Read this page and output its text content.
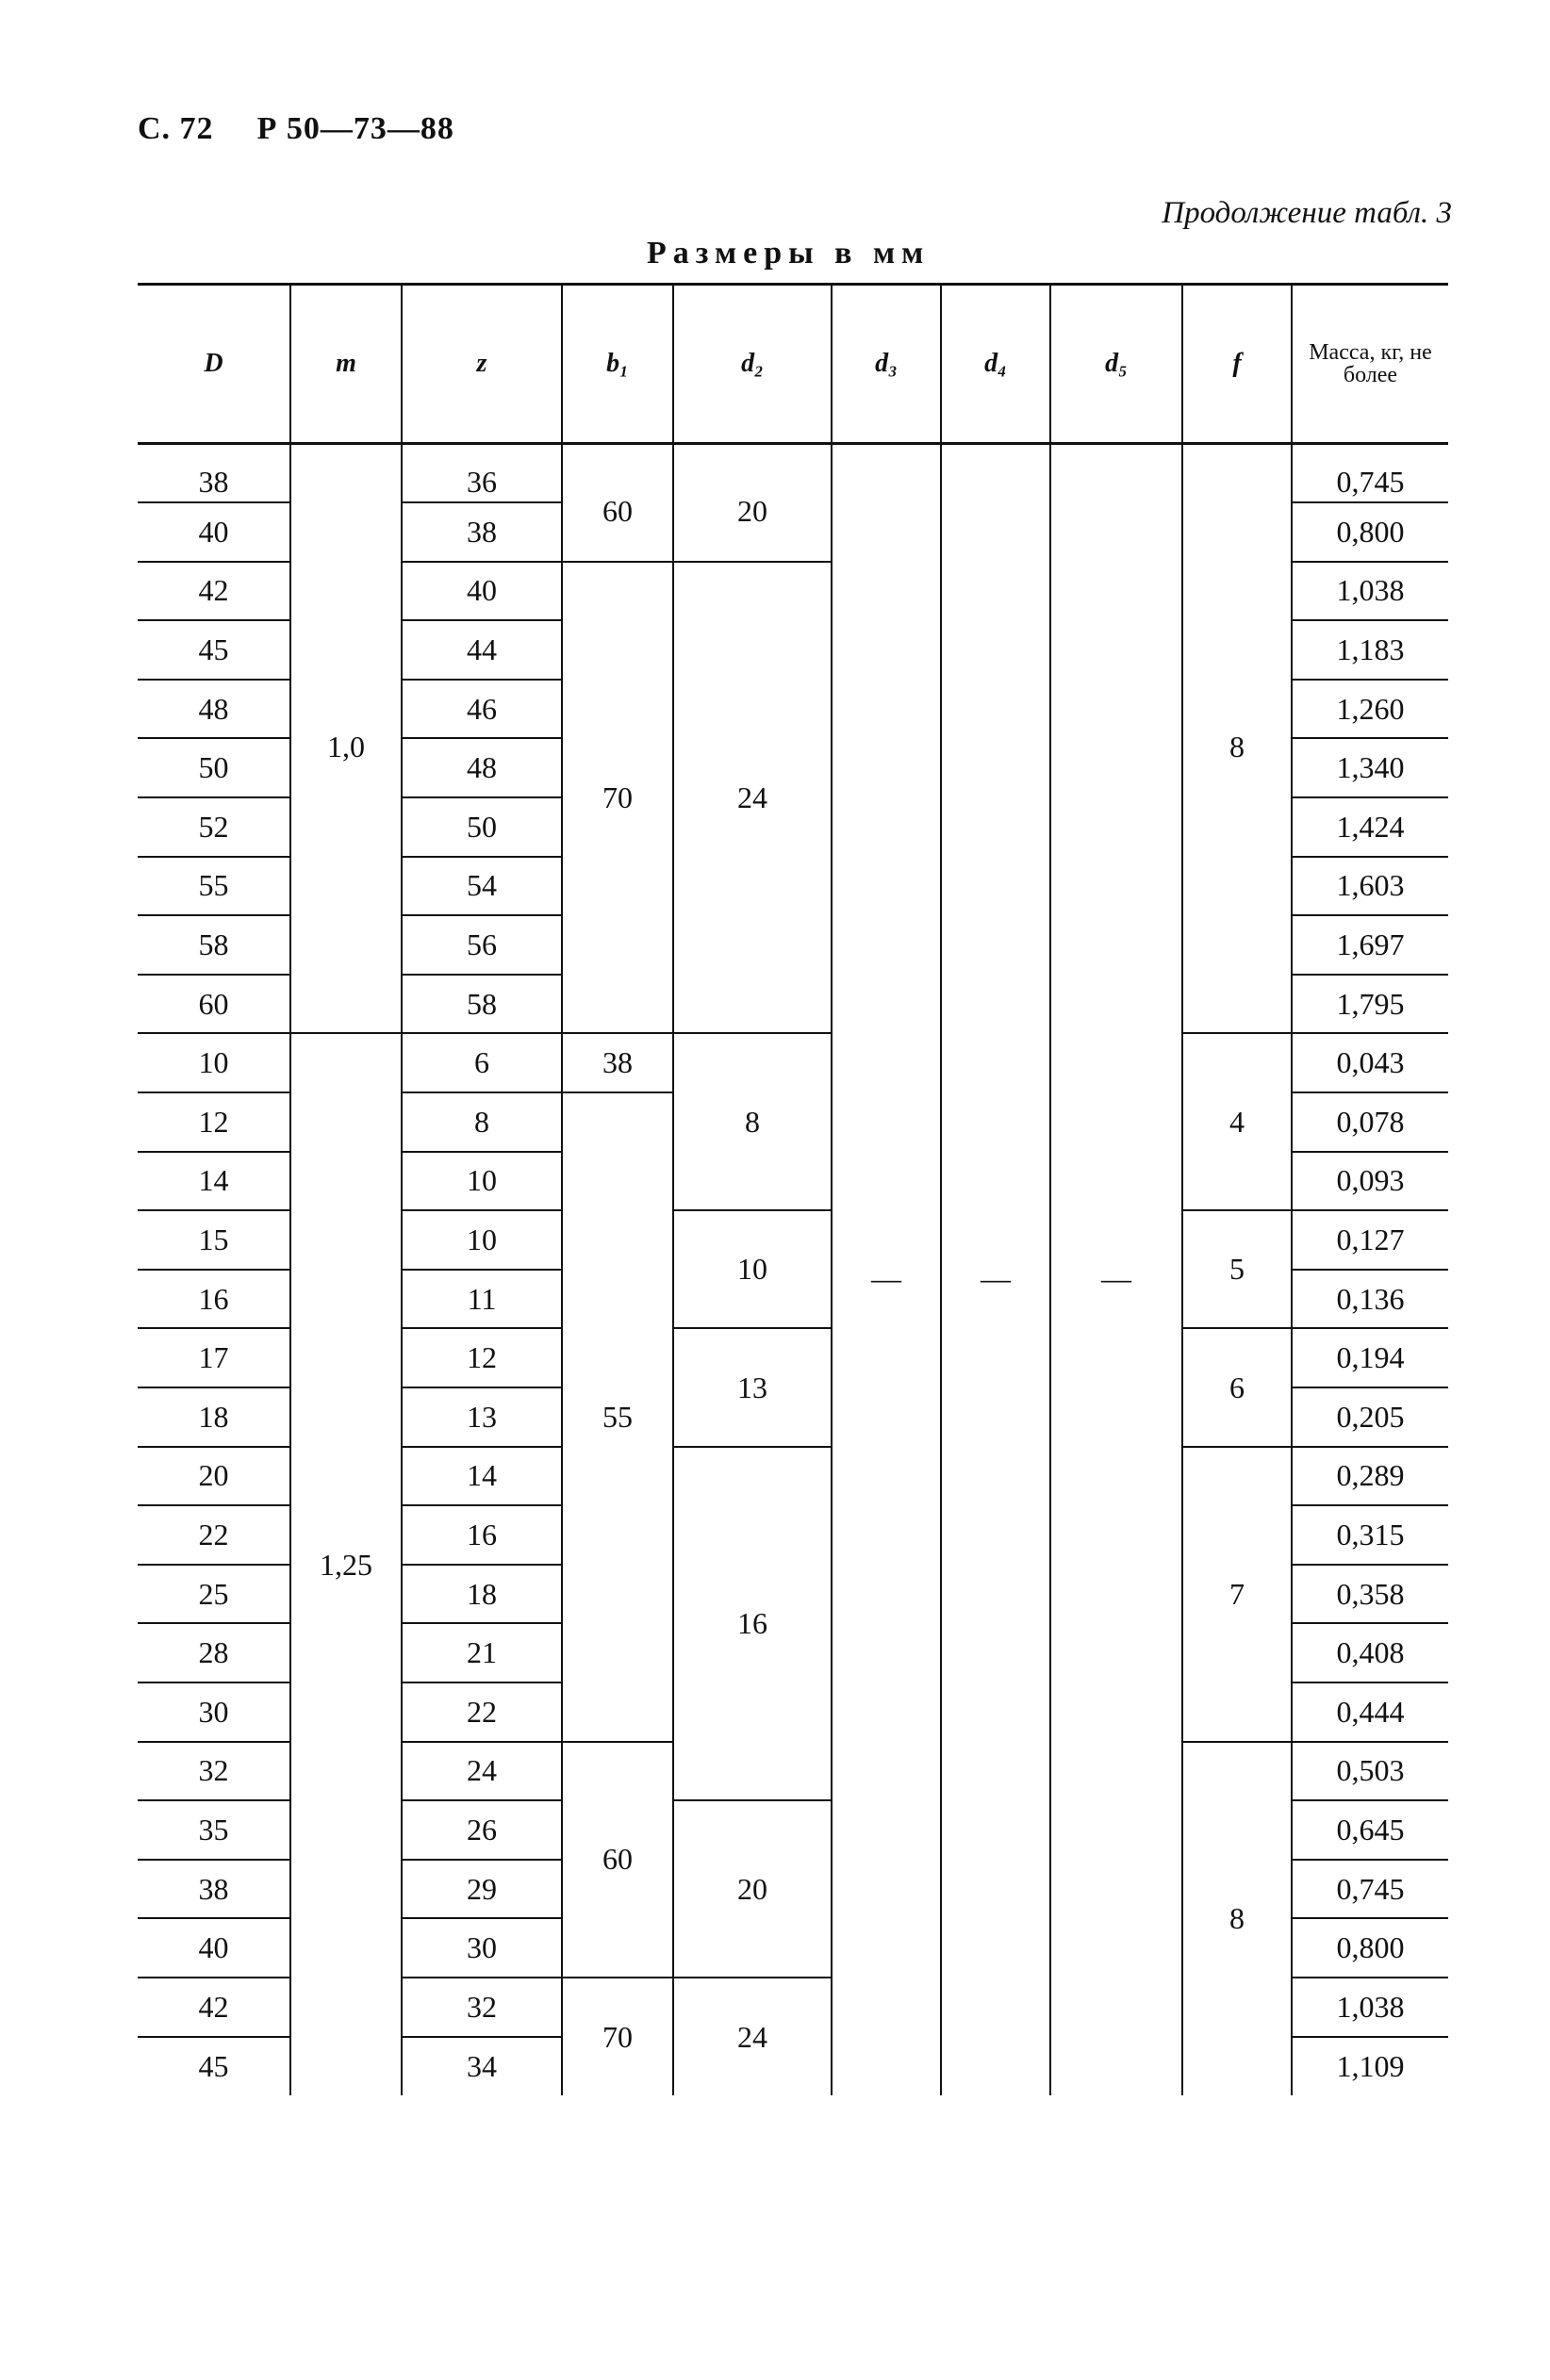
С. 72 Р 50—73—88
Продолжение табл. 3
Размеры в мм
D	m	z	b₁	d₂	d₃	d₄	d₅	f	Масса, кг, не более
38	1,0	36	60	20	—	—	—	8	0,745
40		38							0,800
42		40	70	24					1,038
45		44							1,183
48		46							1,260
50		48							1,340
52		50							1,424
55		54							1,603
58		56							1,697
60		58							1,795
10	1,25	6	38	8				4	0,043
12		8	55						0,078
14		10							0,093
15		10		10				5	0,127
16		11							0,136
17		12		13				6	0,194
18		13							0,205
20		14		16				7	0,289
22		16							0,315
25		18							0,358
28		21							0,408
30		22							0,444
32		24	60					8	0,503
35		26		20					0,645
38		29							0,745
40		30							0,800
42		32	70	24					1,038
45		34							1,109
